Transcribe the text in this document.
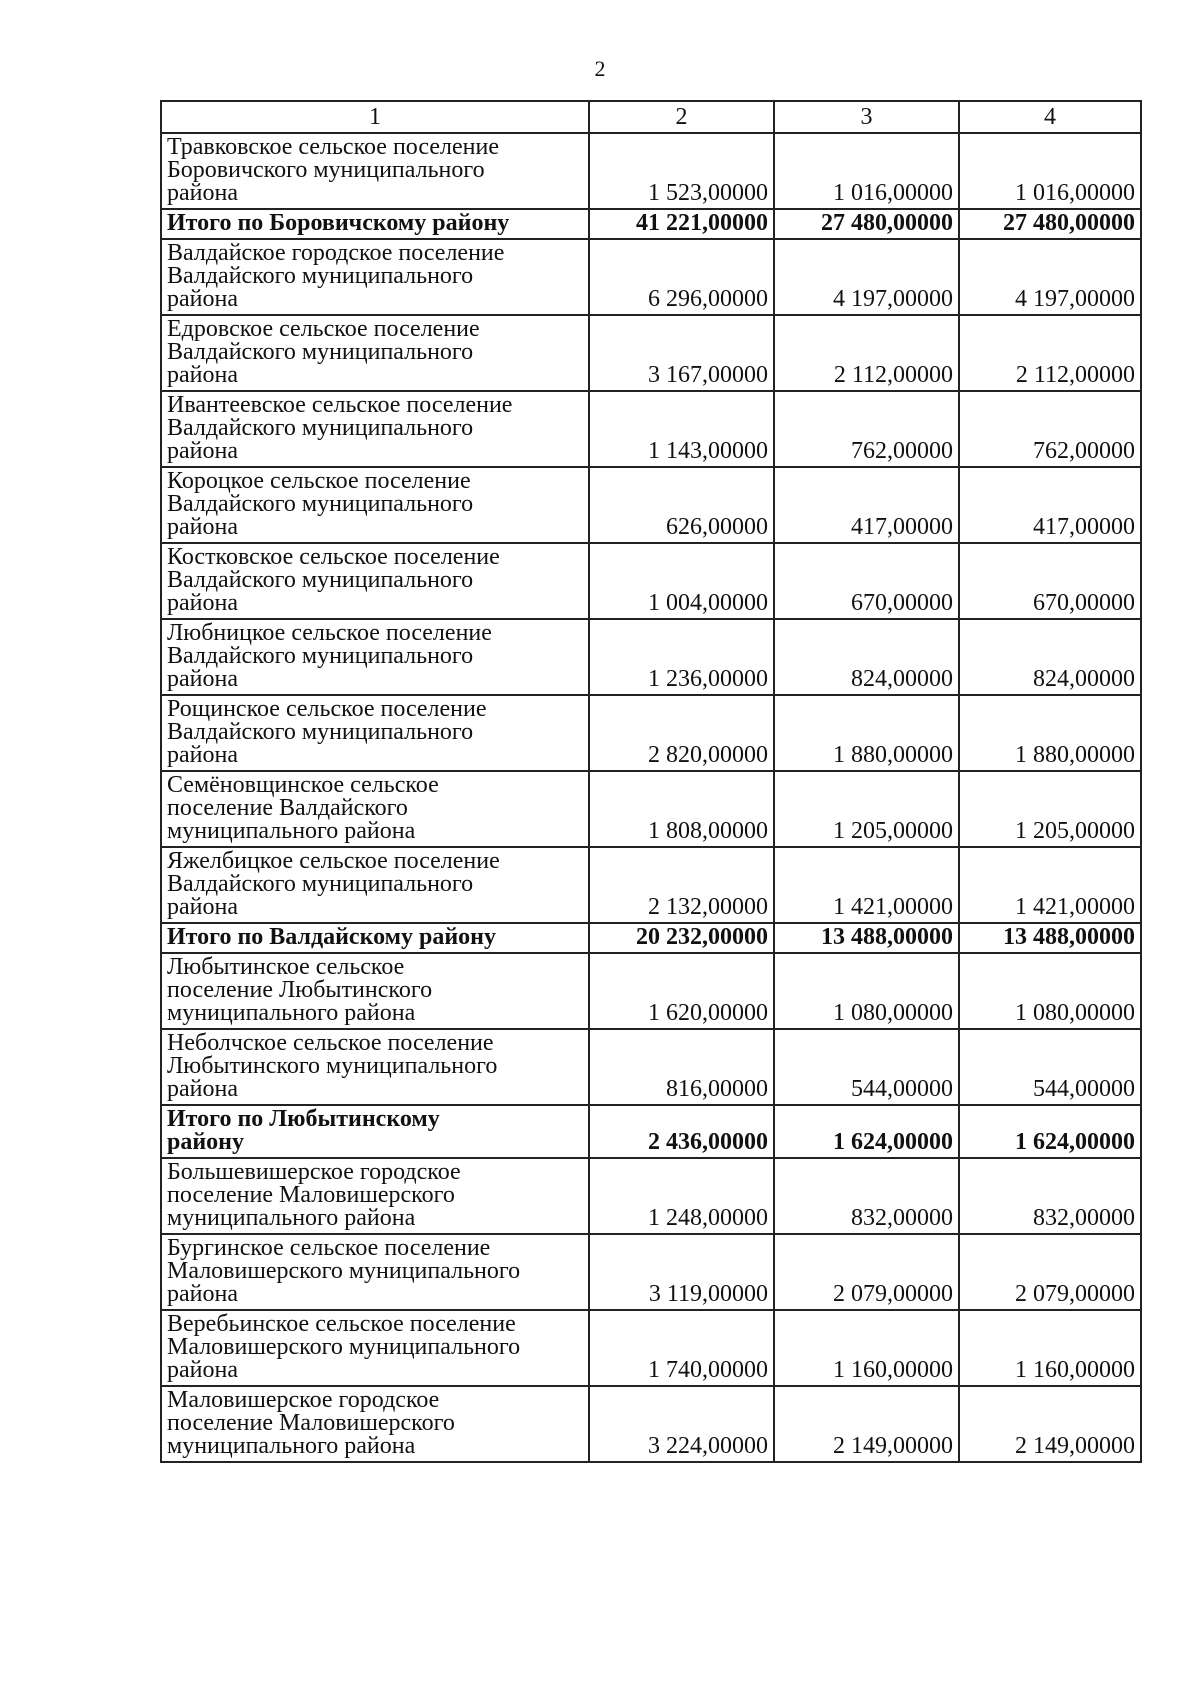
2
1	2	3	4
Травковское сельское поселение
Боровичского муниципального
района	1 523,00000	1 016,00000	1 016,00000
Итого по Боровичскому району	41 221,00000	27 480,00000	27 480,00000
Валдайское городское поселение
Валдайского муниципального
района	6 296,00000	4 197,00000	4 197,00000
Едровское сельское поселение
Валдайского муниципального
района	3 167,00000	2 112,00000	2 112,00000
Ивантеевское сельское поселение
Валдайского муниципального
района	1 143,00000	762,00000	762,00000
Короцкое сельское поселение
Валдайского муниципального
района	626,00000	417,00000	417,00000
Костковское сельское поселение
Валдайского муниципального
района	1 004,00000	670,00000	670,00000
Любницкое сельское поселение
Валдайского муниципального
района	1 236,00000	824,00000	824,00000
Рощинское сельское поселение
Валдайского муниципального
района	2 820,00000	1 880,00000	1 880,00000
Семёновщинское сельское
поселение Валдайского
муниципального района	1 808,00000	1 205,00000	1 205,00000
Яжелбицкое сельское поселение
Валдайского муниципального
района	2 132,00000	1 421,00000	1 421,00000
Итого по Валдайскому району	20 232,00000	13 488,00000	13 488,00000
Любытинское сельское
поселение Любытинского
муниципального района	1 620,00000	1 080,00000	1 080,00000
Неболчское сельское поселение
Любытинского муниципального
района	816,00000	544,00000	544,00000
Итого по Любытинскому
району	2 436,00000	1 624,00000	1 624,00000
Большевишерское городское
поселение Маловишерского
муниципального района	1 248,00000	832,00000	832,00000
Бургинское сельское поселение
Маловишерского муниципального
района	3 119,00000	2 079,00000	2 079,00000
Веребьинское сельское поселение
Маловишерского муниципального
района	1 740,00000	1 160,00000	1 160,00000
Маловишерское городское
поселение Маловишерского
муниципального района	3 224,00000	2 149,00000	2 149,00000
